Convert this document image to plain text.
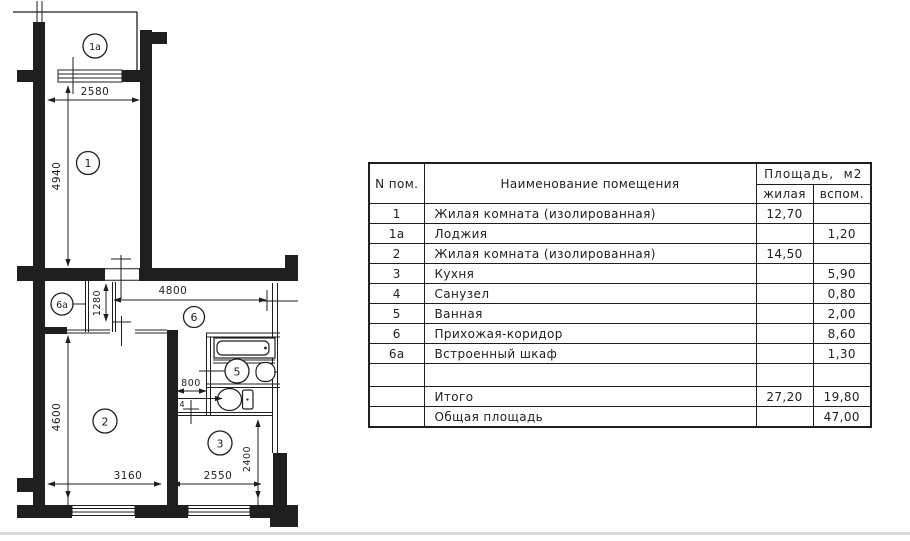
2580
4940
1280	4800
800
4
4600
3160	2550
2400
1а
1
6а
6
2
3
5
N пом.	Наименование помещения	Площадь,  м2	
		жилая	вспом.
1	Жилая комната (изолированная)	12,70	
1а	Лоджия		1,20
2	Жилая комната (изолированная)	14,50	
3	Кухня		5,90
4	Санузел		0,80
5	Ванная		2,00
6	Прихожая-коридор		8,60
6а	Встроенный шкаф		1,30

	Итого	27,20	19,80
	Общая площадь		47,00
